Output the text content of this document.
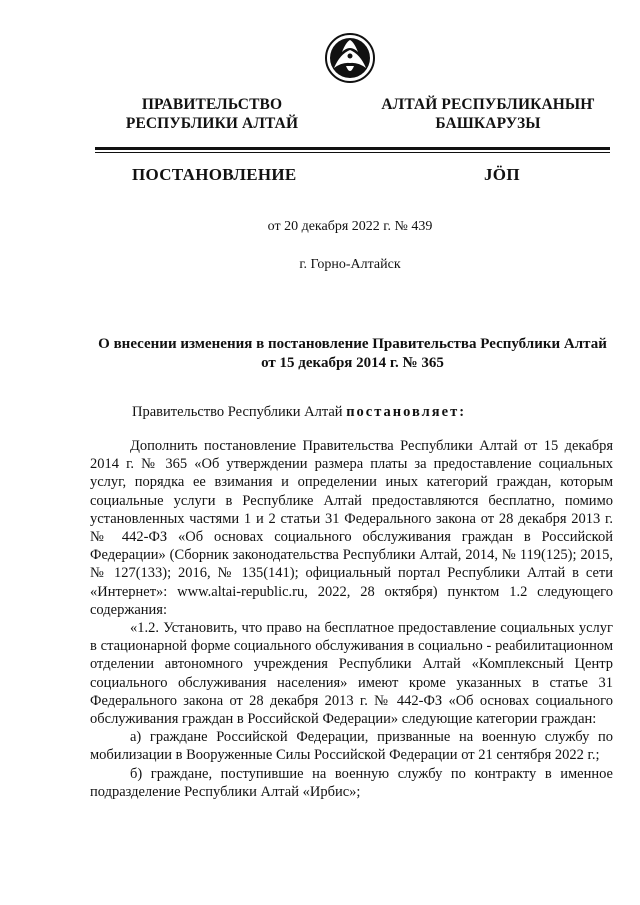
ПРАВИТЕЛЬСТВО
РЕСПУБЛИКИ АЛТАЙ
АЛТАЙ РЕСПУБЛИКАНЫҤ
БАШКАРУЗЫ
ПОСТАНОВЛЕНИЕ	JÖП
от 20 декабря 2022 г. № 439
г. Горно-Алтайск
О внесении изменения в постановление Правительства Республики Алтай
от 15 декабря 2014 г. № 365
Правительство Республики Алтай постановляет:

Дополнить постановление Правительства Республики Алтай от 15 декабря 2014 г. № 365 «Об утверждении размера платы за предоставление социальных услуг, порядка ее взимания и определении иных категорий граждан, которым социальные услуги в Республике Алтай предоставляются бесплатно, помимо установленных частями 1 и 2 статьи 31 Федерального закона от 28 декабря 2013 г. № 442-ФЗ «Об основах социального обслуживания граждан в Российской Федерации» (Сборник законодательства Республики Алтай, 2014, № 119(125); 2015, № 127(133); 2016, № 135(141); официальный портал Республики Алтай в сети «Интернет»: www.altai-republic.ru, 2022, 28 октября) пунктом 1.2 следующего содержания:

«1.2. Установить, что право на бесплатное предоставление социальных услуг в стационарной форме социального обслуживания в социально - реабилитационном отделении автономного учреждения Республики Алтай «Комплексный Центр социального обслуживания населения» имеют кроме указанных в статье 31 Федерального закона от 28 декабря 2013 г. № 442-ФЗ «Об основах социального обслуживания граждан в Российской Федерации» следующие категории граждан:

а) граждане Российской Федерации, призванные на военную службу по мобилизации в Вооруженные Силы Российской Федерации от 21 сентября 2022 г.;

б) граждане, поступившие на военную службу по контракту в именное подразделение Республики Алтай «Ирбис»;
